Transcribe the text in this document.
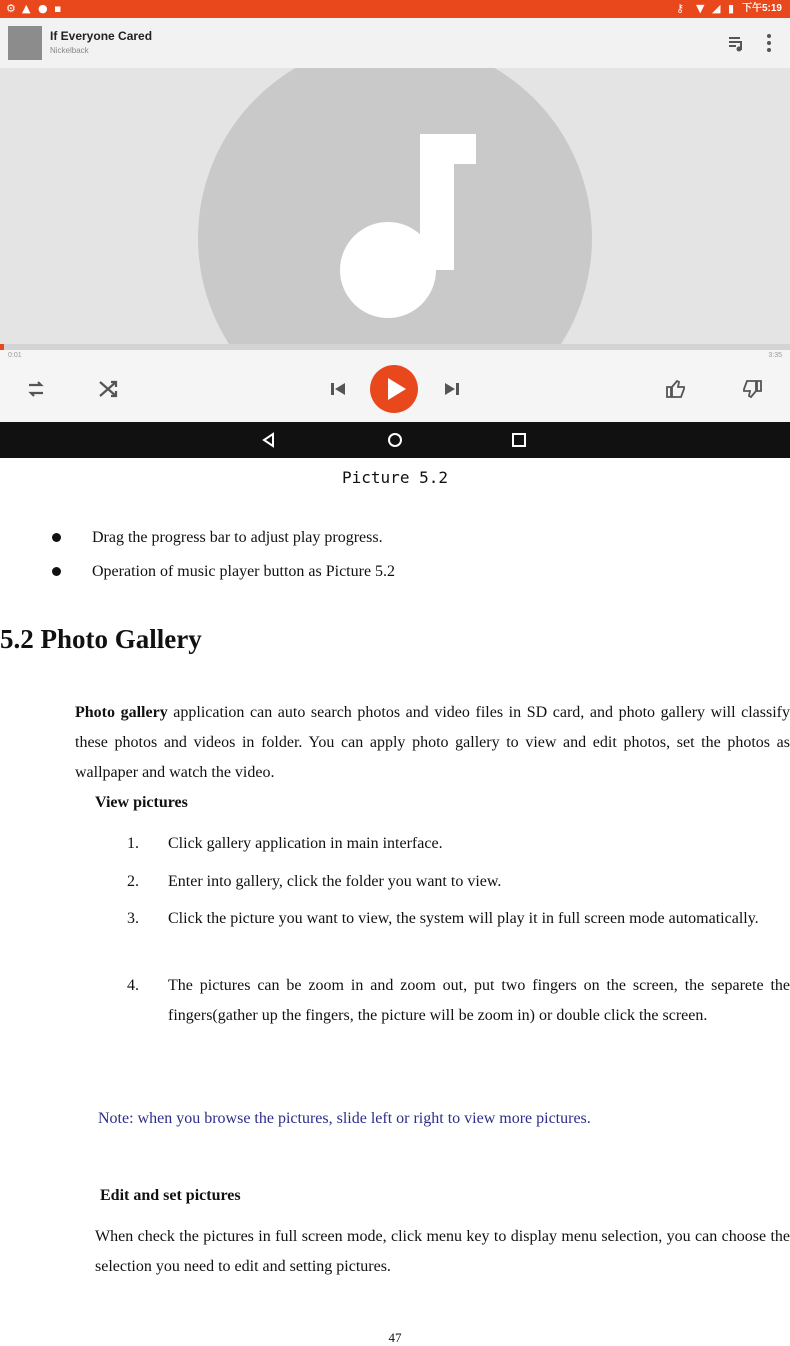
⚙ ▲ ● ▪	⚷ ▼ ◢ ▮ 下午5:19
If Everyone Cared
Nickelback
0:01	3:35
Picture 5.2
Drag the progress bar to adjust play progress.
Operation of music player button as Picture 5.2
5.2 Photo Gallery
Photo gallery application can auto search photos and video files in SD card, and photo gallery will classify these photos and videos in folder. You can apply photo gallery to view and edit photos, set the photos as wallpaper and watch the video.
View pictures
1. Click gallery application in main interface.
2. Enter into gallery, click the folder you want to view.
3. Click the picture you want to view, the system will play it in full screen mode automatically.
4. The pictures can be zoom in and zoom out, put two fingers on the screen, the separete the fingers(gather up the fingers, the picture will be zoom in) or double click the screen.
Note: when you browse the pictures, slide left or right to view more pictures.
Edit and set pictures
When check the pictures in full screen mode, click menu key to display menu selection, you can choose the selection you need to edit and setting pictures.
47
